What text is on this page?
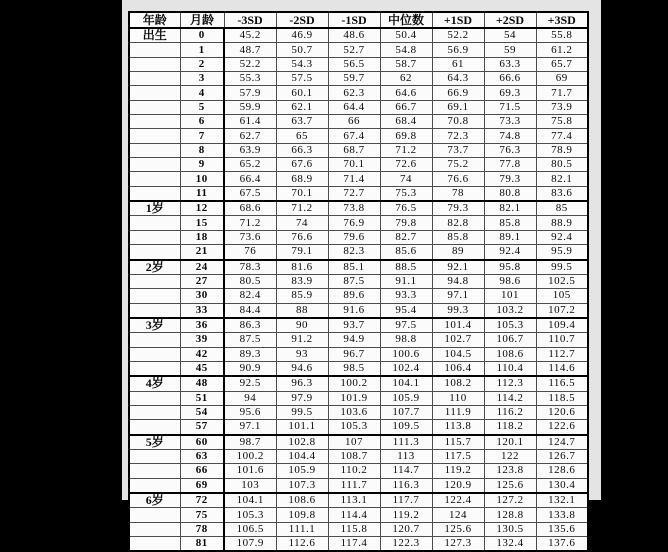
年龄	月龄	-3SD	-2SD	-1SD	中位数	+1SD	+2SD	+3SD
出生	0	45.2	46.9	48.6	50.4	52.2	54	55.8
	1	48.7	50.7	52.7	54.8	56.9	59	61.2
	2	52.2	54.3	56.5	58.7	61	63.3	65.7
	3	55.3	57.5	59.7	62	64.3	66.6	69
	4	57.9	60.1	62.3	64.6	66.9	69.3	71.7
	5	59.9	62.1	64.4	66.7	69.1	71.5	73.9
	6	61.4	63.7	66	68.4	70.8	73.3	75.8
	7	62.7	65	67.4	69.8	72.3	74.8	77.4
	8	63.9	66.3	68.7	71.2	73.7	76.3	78.9
	9	65.2	67.6	70.1	72.6	75.2	77.8	80.5
	10	66.4	68.9	71.4	74	76.6	79.3	82.1
	11	67.5	70.1	72.7	75.3	78	80.8	83.6
1岁	12	68.6	71.2	73.8	76.5	79.3	82.1	85
	15	71.2	74	76.9	79.8	82.8	85.8	88.9
	18	73.6	76.6	79.6	82.7	85.8	89.1	92.4
	21	76	79.1	82.3	85.6	89	92.4	95.9
2岁	24	78.3	81.6	85.1	88.5	92.1	95.8	99.5
	27	80.5	83.9	87.5	91.1	94.8	98.6	102.5
	30	82.4	85.9	89.6	93.3	97.1	101	105
	33	84.4	88	91.6	95.4	99.3	103.2	107.2
3岁	36	86.3	90	93.7	97.5	101.4	105.3	109.4
	39	87.5	91.2	94.9	98.8	102.7	106.7	110.7
	42	89.3	93	96.7	100.6	104.5	108.6	112.7
	45	90.9	94.6	98.5	102.4	106.4	110.4	114.6
4岁	48	92.5	96.3	100.2	104.1	108.2	112.3	116.5
	51	94	97.9	101.9	105.9	110	114.2	118.5
	54	95.6	99.5	103.6	107.7	111.9	116.2	120.6
	57	97.1	101.1	105.3	109.5	113.8	118.2	122.6
5岁	60	98.7	102.8	107	111.3	115.7	120.1	124.7
	63	100.2	104.4	108.7	113	117.5	122	126.7
	66	101.6	105.9	110.2	114.7	119.2	123.8	128.6
	69	103	107.3	111.7	116.3	120.9	125.6	130.4
6岁	72	104.1	108.6	113.1	117.7	122.4	127.2	132.1
	75	105.3	109.8	114.4	119.2	124	128.8	133.8
	78	106.5	111.1	115.8	120.7	125.6	130.5	135.6
	81	107.9	112.6	117.4	122.3	127.3	132.4	137.6
